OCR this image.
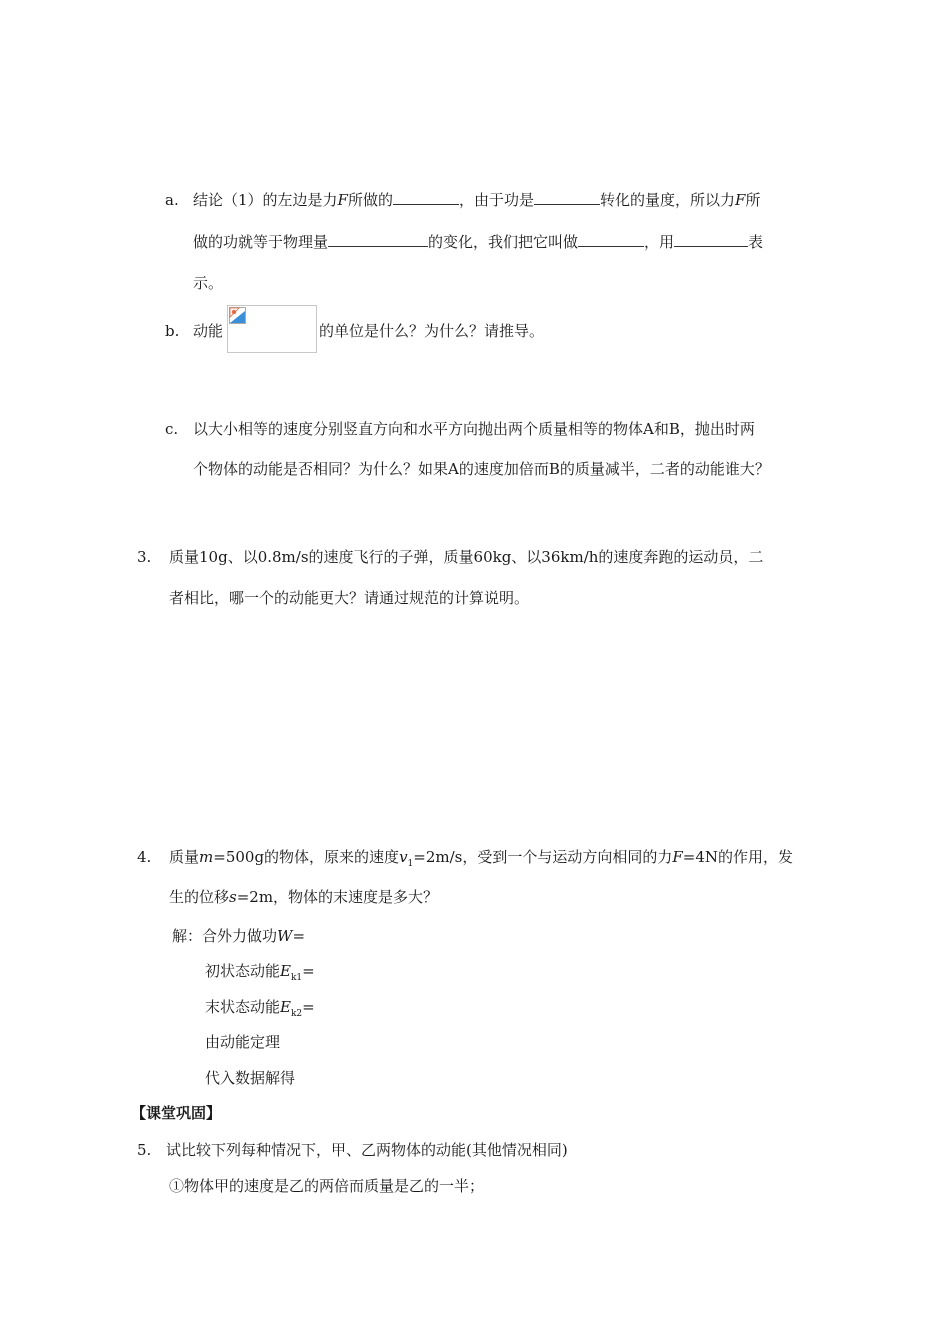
a. 结论（1）的左边是力F所做的	，由于功是	转化的量度，所以力F所
做的功就等于物理量	的变化，我们把它叫做	，用	表
示。
b. 动能	的单位是什么？为什么？请推导。
c. 以大小相等的速度分别竖直方向和水平方向抛出两个质量相等的物体A和B，抛出时两
个物体的动能是否相同？为什么？如果A的速度加倍而B的质量减半，二者的动能谁大？
3. 质量10g、以0.8m/s的速度飞行的子弹，质量60kg、以36km/h的速度奔跑的运动员，二
者相比，哪一个的动能更大？请通过规范的计算说明。
4. 质量m=500g的物体，原来的速度$v_1=2m/s$，受到一个与运动方向相同的力F=4N的作用，发
生的位移s=2m，物体的末速度是多大？
解：合外力做功W=
初状态动能$E_{k1}=$
末状态动能$E_{k2}=$
由动能定理
代入数据解得
【课堂巩固】
5. 试比较下列每种情况下，甲、乙两物体的动能(其他情况相同)
①物体甲的速度是乙的两倍而质量是乙的一半；
